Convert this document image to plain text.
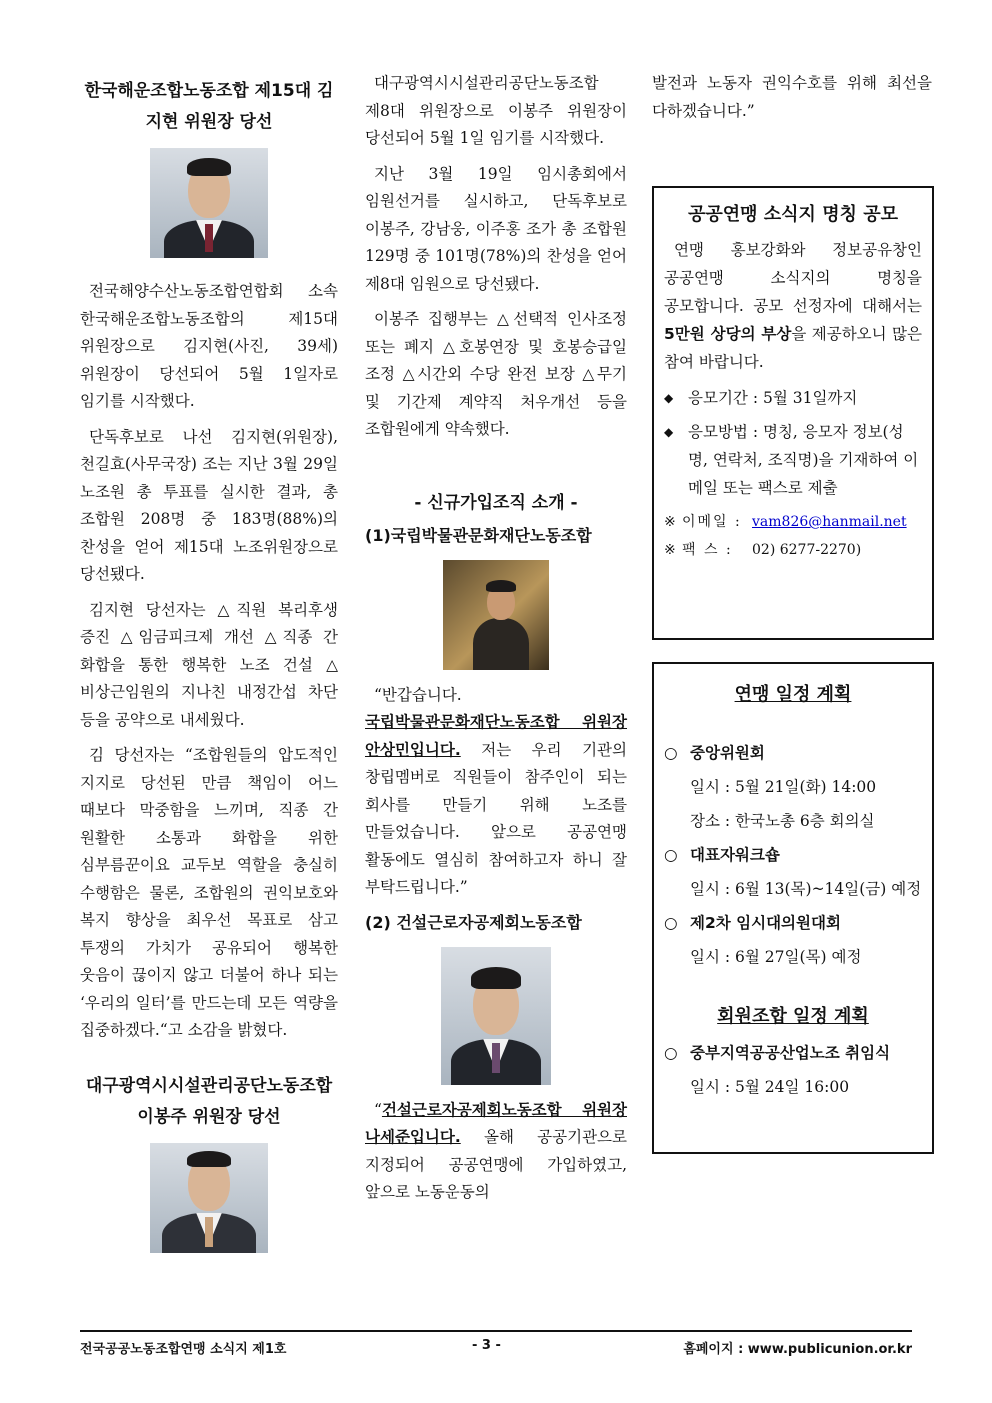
한국해운조합노동조합 제15대 김지현 위원장 당선

전국해양수산노동조합연합회 소속 한국해운조합노동조합의 제15대 위원장으로 김지현(사진, 39세) 위원장이 당선되어 5월 1일자로 임기를 시작했다.

단독후보로 나선 김지현(위원장), 천길효(사무국장) 조는 지난 3월 29일 노조원 총 투표를 실시한 결과, 총 조합원 208명 중 183명(88%)의 찬성을 얻어 제15대 노조위원장으로 당선됐다.

김지현 당선자는 △직원 복리후생 증진 △임금피크제 개선 △직종 간 화합을 통한 행복한 노조 건설 △비상근임원의 지나친 내정간섭 차단 등을 공약으로 내세웠다.

김 당선자는 “조합원들의 압도적인 지지로 당선된 만큼 책임이 어느 때보다 막중함을 느끼며, 직종 간 원활한 소통과 화합을 위한 심부름꾼이요 교두보 역할을 충실히 수행함은 물론, 조합원의 권익보호와 복지 향상을 최우선 목표로 삼고 투쟁의 가치가 공유되어 행복한 웃음이 끊이지 않고 더불어 하나 되는 ‘우리의 일터’를 만드는데 모든 역량을 집중하겠다.“고 소감을 밝혔다.

대구광역시시설관리공단노동조합 이봉주 위원장 당선

대구광역시시설관리공단노동조합 제8대 위원장으로 이봉주 위원장이 당선되어 5월 1일 임기를 시작했다.

지난 3월 19일 임시총회에서 임원선거를 실시하고, 단독후보로 이봉주, 강남웅, 이주홍 조가 총 조합원 129명 중 101명(78%)의 찬성을 얻어 제8대 임원으로 당선됐다.

이봉주 집행부는 △선택적 인사조정 또는 폐지 △호봉연장 및 호봉승급일 조정 △시간외 수당 완전 보장 △무기 및 기간제 계약직 처우개선 등을 조합원에게 약속했다.

- 신규가입조직 소개 -
(1)국립박물관문화재단노동조합

“반갑습니다. 국립박물관문화재단노동조합 위원장 안상민입니다. 저는 우리 기관의 창립멤버로 직원들이 참주인이 되는 회사를 만들기 위해 노조를 만들었습니다. 앞으로 공공연맹 활동에도 열심히 참여하고자 하니 잘 부탁드립니다.”

(2) 건설근로자공제회노동조합

“건설근로자공제회노동조합 위원장 나세준입니다. 올해 공공기관으로 지정되어 공공연맹에 가입하였고, 앞으로 노동운동의

발전과 노동자 권익수호를 위해 최선을 다하겠습니다.”

공공연맹 소식지 명칭 공모

연맹 홍보강화와 정보공유창인 공공연맹 소식지의 명칭을 공모합니다. 공모 선정자에 대해서는 5만원 상당의 부상을 제공하오니 많은 참여 바랍니다.

◆ 응모기간 : 5월 31일까지
◆ 응모방법 : 명칭, 응모자 정보(성명, 연락처, 조직명)을 기재하여 이메일 또는 팩스로 제출
※ 이메일 : vam826@hanmail.net
※ 팩 스 :	02) 6277-2270)
연맹 일정 계획
○ 중앙위원회
일시 : 5월 21일(화) 14:00
장소 : 한국노총 6층 회의실
○ 대표자워크숍
일시 : 6월 13(목)~14일(금) 예정
○ 제2차 임시대의원대회
일시 : 6월 27일(목) 예정
회원조합 일정 계획
○ 중부지역공공산업노조 취임식
일시 : 5월 24일 16:00
전국공공노동조합연맹 소식지 제1호	- 3 -	홈페이지 : www.publicunion.or.kr
